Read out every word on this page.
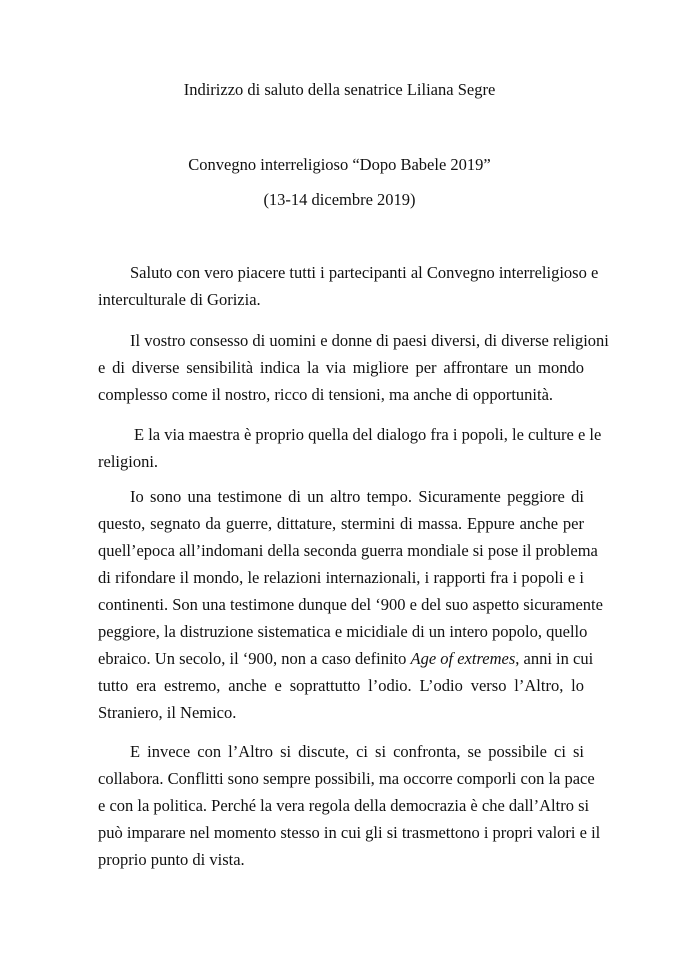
Indirizzo di saluto della senatrice Liliana Segre
Convegno interreligioso “Dopo Babele 2019”
(13-14 dicembre 2019)
Saluto con vero piacere tutti i partecipanti al Convegno interreligioso e
interculturale di Gorizia.
Il vostro consesso di uomini e donne di paesi diversi, di diverse religioni
e di diverse sensibilità indica la via migliore per affrontare un mondo
complesso come il nostro, ricco di tensioni, ma anche di opportunità.
E la via maestra è proprio quella del dialogo fra i popoli, le culture e le
religioni.
Io sono una testimone di un altro tempo. Sicuramente peggiore di
questo, segnato da guerre, dittature, stermini di massa. Eppure anche per
quell’epoca all’indomani della seconda guerra mondiale si pose il problema
di rifondare il mondo, le relazioni internazionali, i rapporti fra i popoli e i
continenti. Son una testimone dunque del ‘900 e del suo aspetto sicuramente
peggiore, la distruzione sistematica e micidiale di un intero popolo, quello
ebraico. Un secolo, il ‘900, non a caso definito Age of extremes, anni in cui
tutto era estremo, anche e soprattutto l’odio. L’odio verso l’Altro, lo
Straniero, il Nemico.
E invece con l’Altro si discute, ci si confronta, se possibile ci si
collabora. Conflitti sono sempre possibili, ma occorre comporli con la pace
e con la politica. Perché la vera regola della democrazia è che dall’Altro si
può imparare nel momento stesso in cui gli si trasmettono i propri valori e il
proprio punto di vista.
